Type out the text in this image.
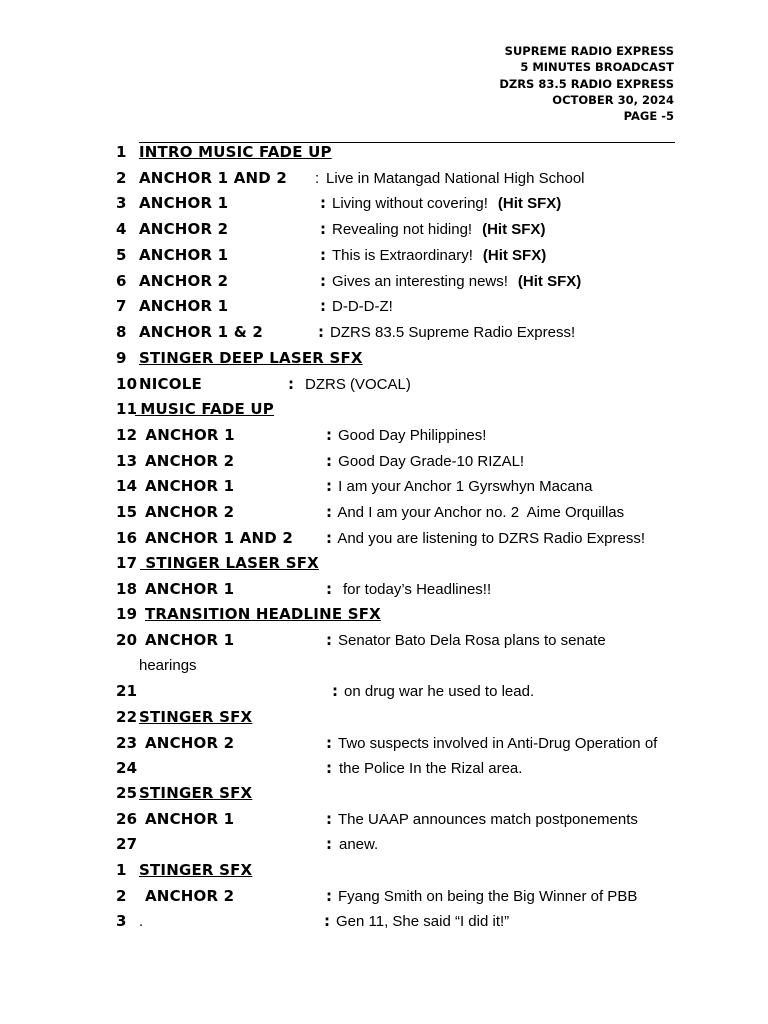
SUPREME RADIO EXPRESS
5 MINUTES BROADCAST
DZRS 83.5 RADIO EXPRESS
OCTOBER 30, 2024
PAGE -5
1 INTRO MUSIC FADE UP
2 ANCHOR 1 AND 2 : Live in Matangad National High School
3 ANCHOR 1	: Living without covering! (Hit SFX)
4 ANCHOR 2	: Revealing not hiding! (Hit SFX)
5 ANCHOR 1	: This is Extraordinary! (Hit SFX)
6 ANCHOR 2	: Gives an interesting news! (Hit SFX)
7 ANCHOR 1	: D-D-D-Z!
8 ANCHOR 1 & 2	: DZRS 83.5 Supreme Radio Express!
9 STINGER DEEP LASER SFX
10 NICOLE	: DZRS (VOCAL)
11
MUSIC FADE UP
12 ANCHOR 1	: Good Day Philippines!
13 ANCHOR 2	: Good Day Grade-10 RIZAL!
14 ANCHOR 1	: I am your Anchor 1 Gyrswhyn Macana
15 ANCHOR 2	: And I am your Anchor no. 2  Aime Orquillas
16 ANCHOR 1 AND 2 : And you are listening to DZRS Radio Express!
17 STINGER LASER SFX
18 ANCHOR 1	: for today’s Headlines!!
19 TRANSITION HEADLINE SFX
20 ANCHOR 1	: Senator Bato Dela Rosa plans to senate
hearings
21	: on drug war he used to lead.
22 STINGER SFX
23 ANCHOR 2	: Two suspects involved in Anti-Drug Operation of
24	: the Police In the Rizal area.
25 STINGER SFX
26 ANCHOR 1	: The UAAP announces match postponements
27	: anew.
1 STINGER SFX
2 ANCHOR 2	: Fyang Smith on being the Big Winner of PBB
3 .	: Gen 11, She said “I did it!”
